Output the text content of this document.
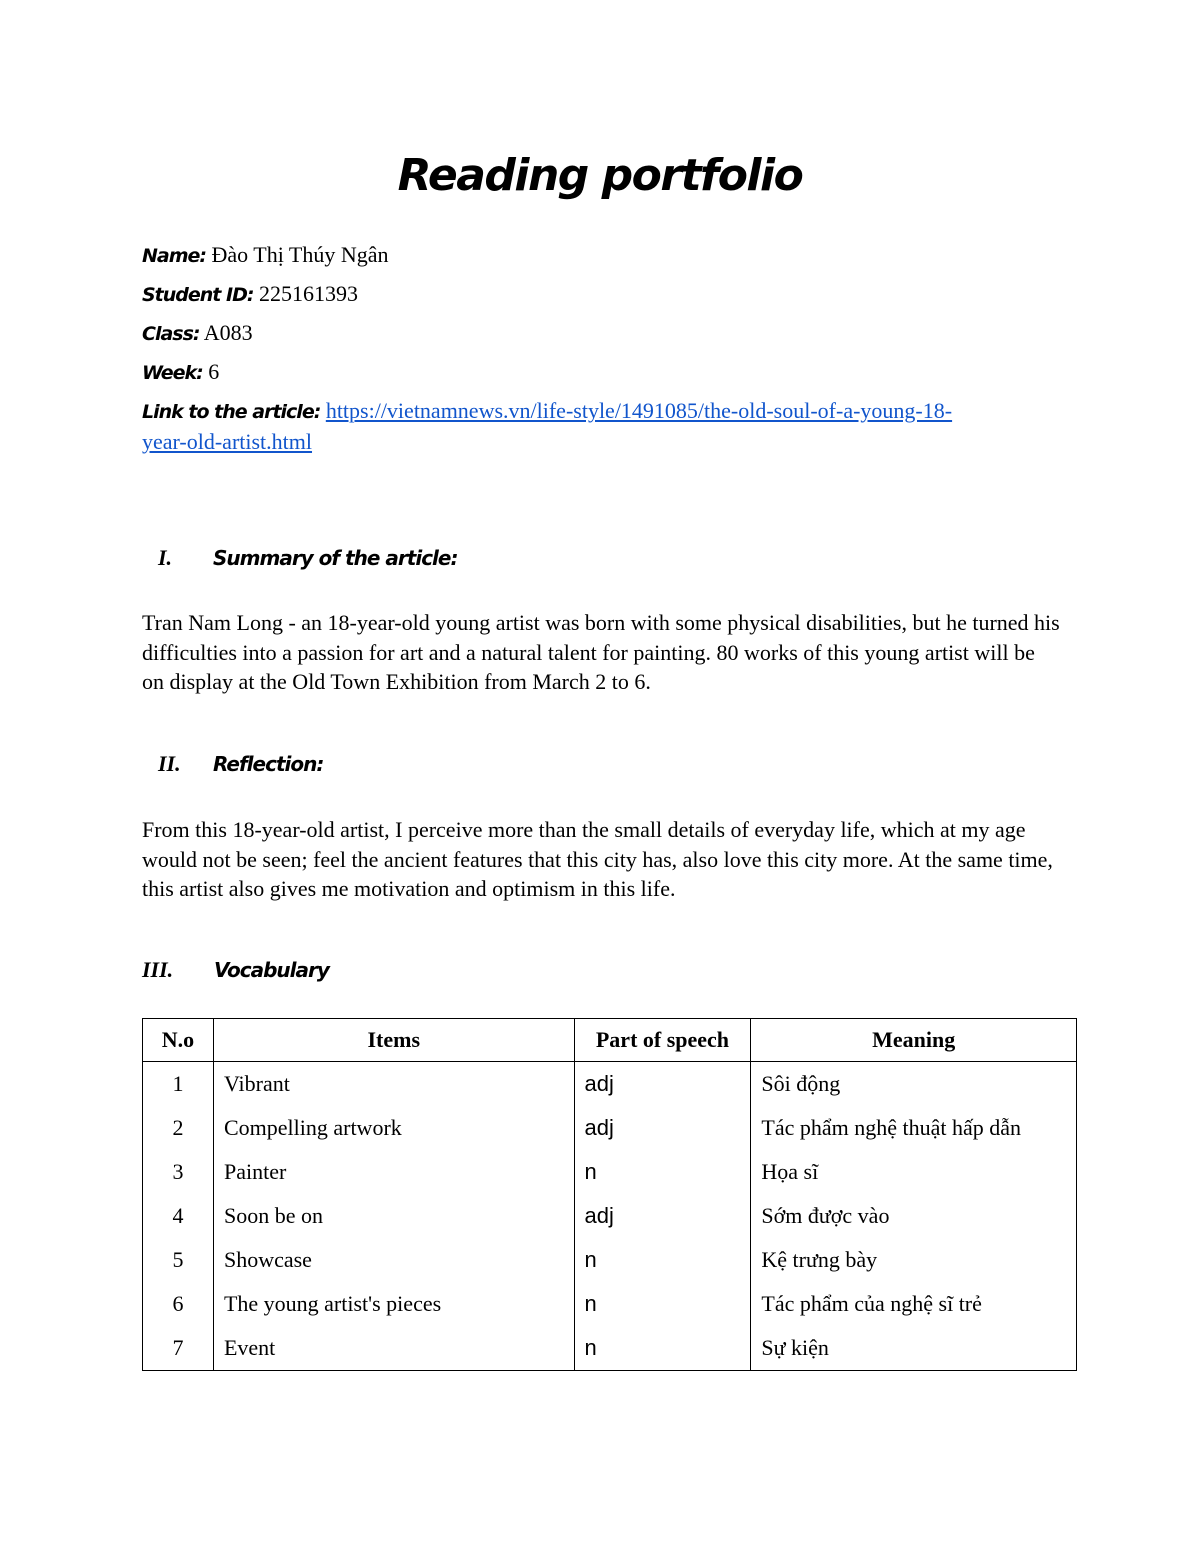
Reading portfolio
Name: Đào Thị Thúy Ngân
Student ID: 225161393
Class: A083
Week: 6
Link to the article: https://vietnamnews.vn/life-style/1491085/the-old-soul-of-a-young-18-
year-old-artist.html
I. Summary of the article:

Tran Nam Long - an 18-year-old young artist was born with some physical disabilities, but he turned his difficulties into a passion for art and a natural talent for painting. 80 works of this young artist will be on display at the Old Town Exhibition from March 2 to 6.

II. Reflection:

From this 18-year-old artist, I perceive more than the small details of everyday life, which at my age would not be seen; feel the ancient features that this city has, also love this city more. At the same time, this artist also gives me motivation and optimism in this life.

III. Vocabulary
N.o	Items	Part of speech	Meaning
1	Vibrant	adj	Sôi động
2	Compelling artwork	adj	Tác phẩm nghệ thuật hấp dẫn
3	Painter	n	Họa sĩ
4	Soon be on	adj	Sớm được vào
5	Showcase	n	Kệ trưng bày
6	The young artist's pieces	n	Tác phẩm của nghệ sĩ trẻ
7	Event	n	Sự kiện
